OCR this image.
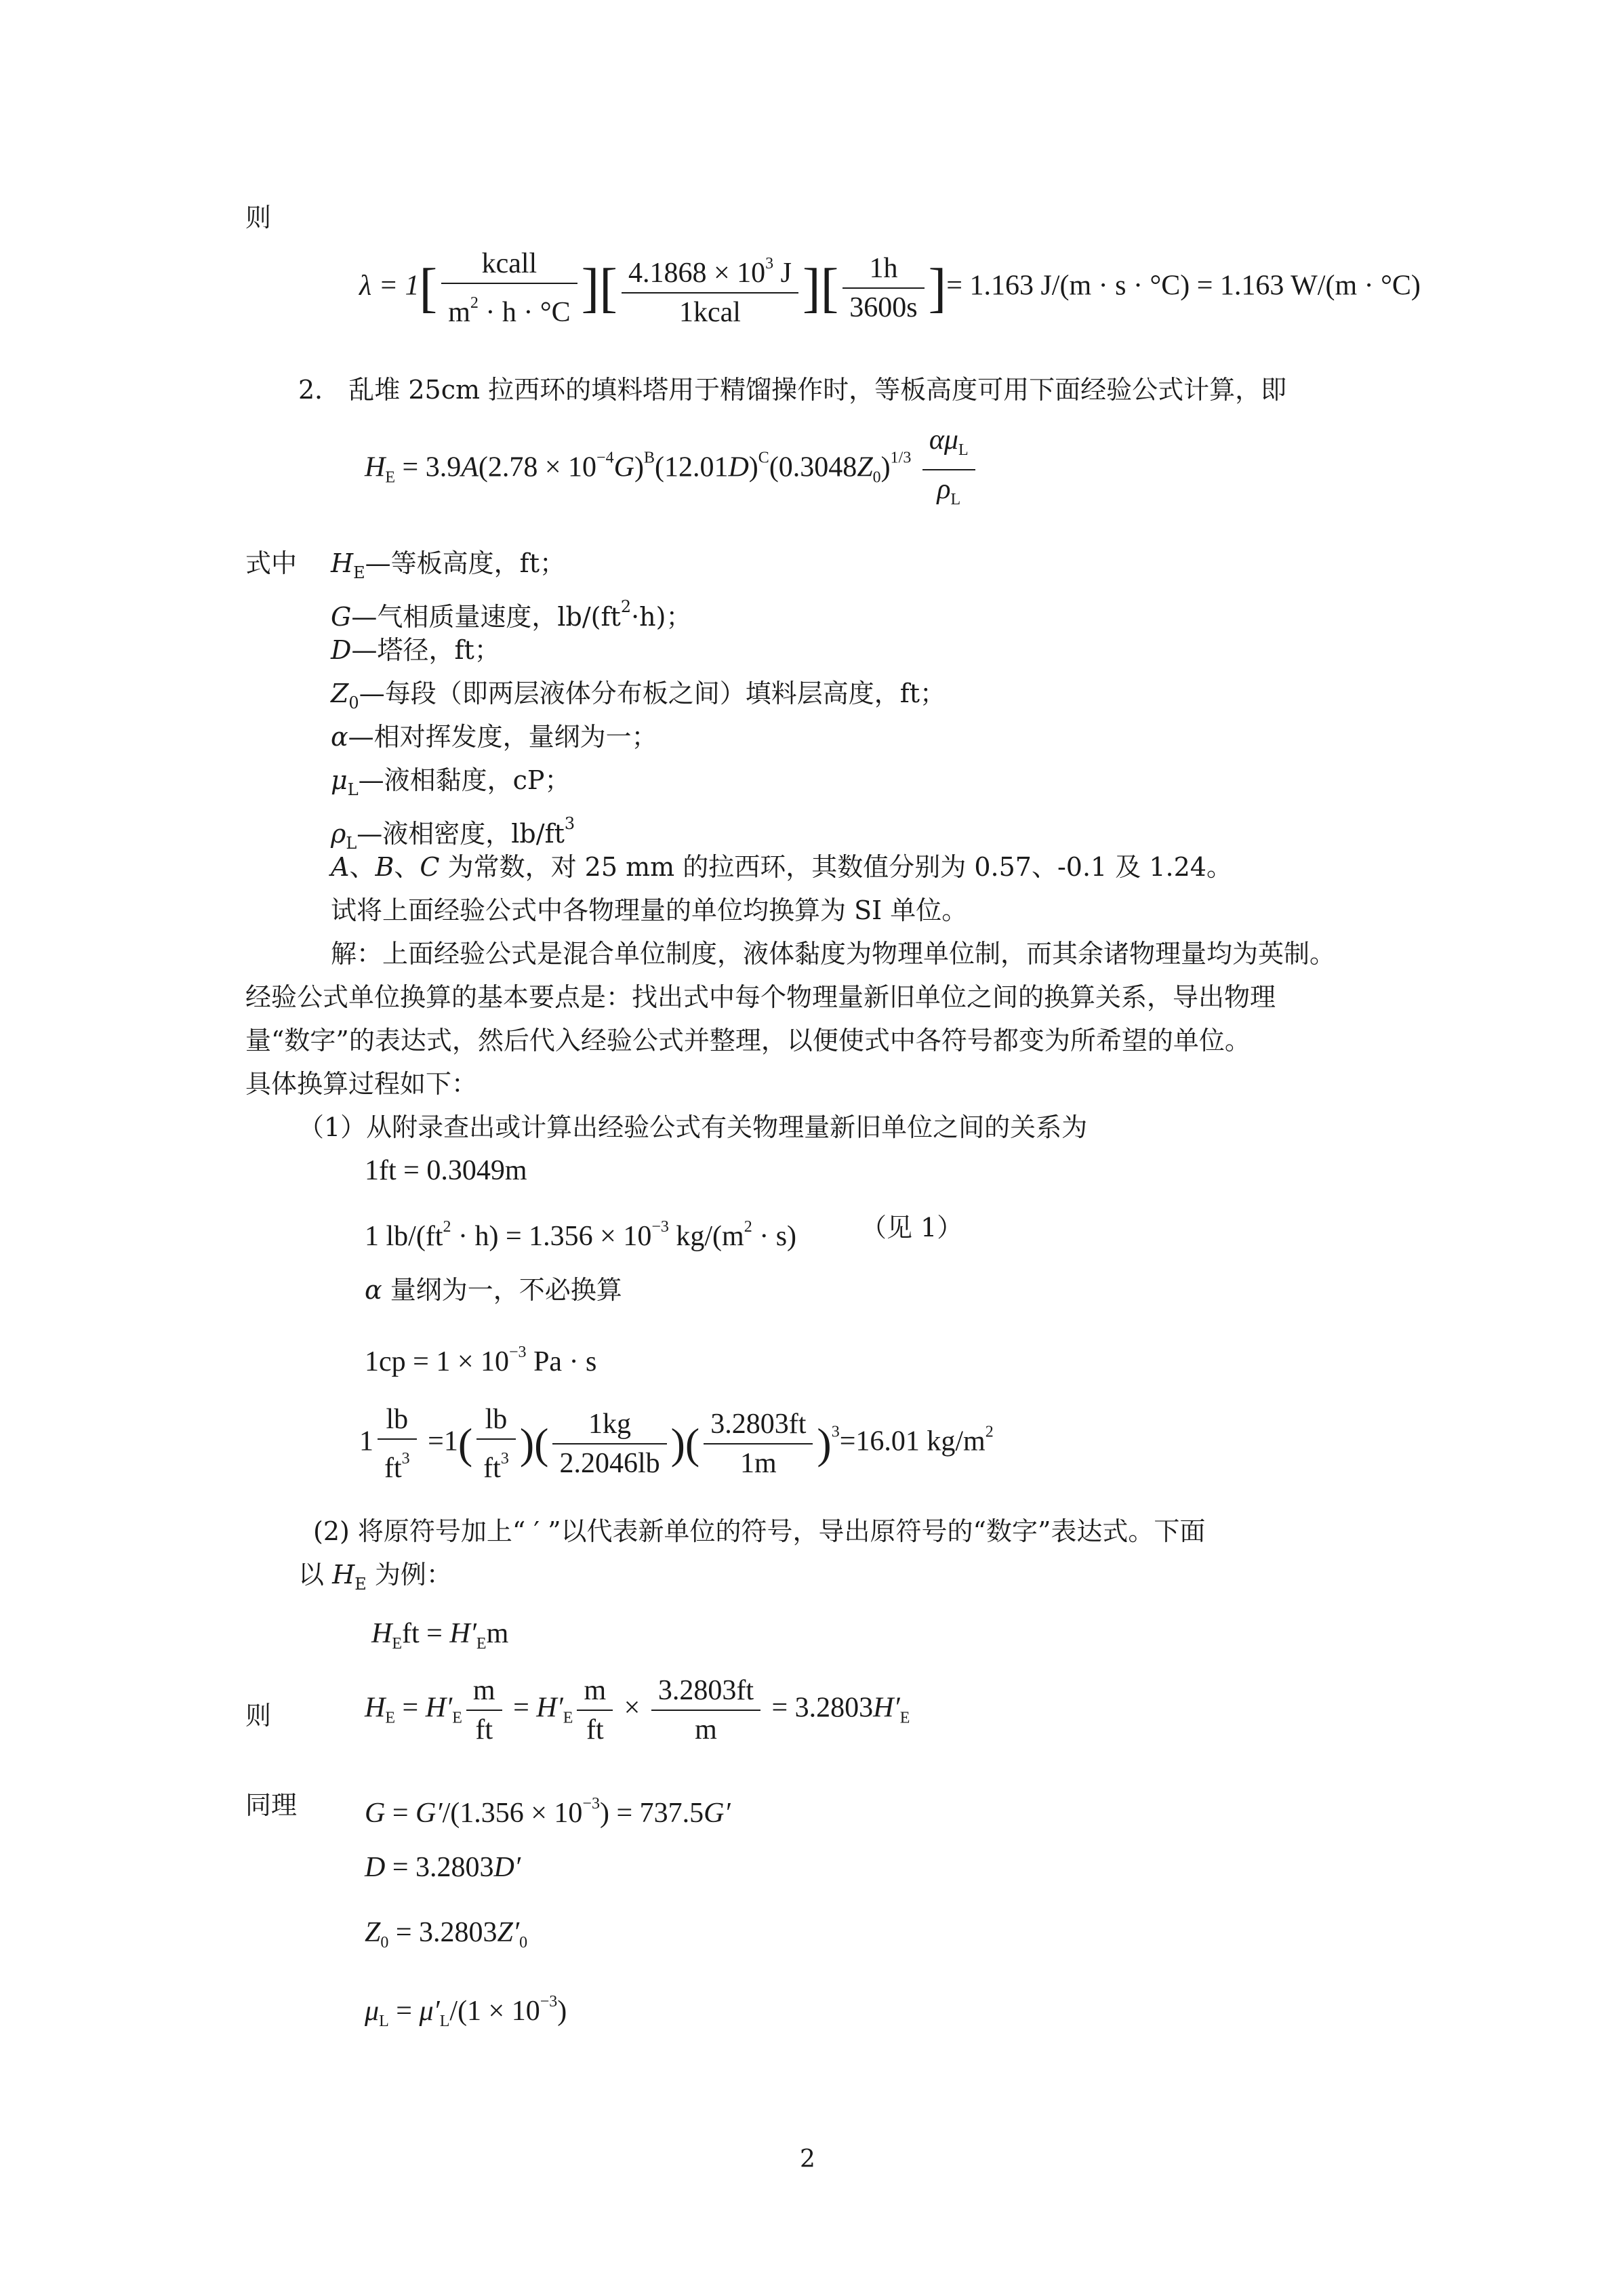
则
$\lambda = 1[ \frac{\text{kcall}}{m^2 \cdot h \cdot ^\circ C}$ ][ $\frac{4.1868 \times 10^3 J}{\text{1kcal}}$ ][ $\frac{1h}{3600s}$ ]= 1.163 J/(m · s · °C) = 1.163 W/(m · °C)
2． 乱堆 25cm 拉西环的填料塔用于精馏操作时，等板高度可用下面经验公式计算，即
$H_E = 3.9A(2.78 \times 10^{-4}G)^B(12.01D)^C(0.3048Z_0)^{1/3} \frac{\alpha\mu_L}{\rho_L}$
式中 $H_E—$等板高度，ft；
G—气相质量速度，$lb/(ft^2\cdot h)$；
D—塔径，ft；
$Z_0—$每段（即两层液体分布板之间）填料层高度，ft；
α—相对挥发度，量纲为一；
$\mu_L—$液相黏度，cP；
$\rho_L—$液相密度，$lb/ft^3$
A、B、C 为常数，对 25 mm 的拉西环，其数值分别为 0.57、-0.1 及 1.24。
试将上面经验公式中各物理量的单位均换算为 SI 单位。
解：上面经验公式是混合单位制度，液体黏度为物理单位制，而其余诸物理量均为英制。
经验公式单位换算的基本要点是：找出式中每个物理量新旧单位之间的换算关系，导出物理
量“数字”的表达式，然后代入经验公式并整理，以便使式中各符号都变为所希望的单位。
具体换算过程如下：
（1）从附录查出或计算出经验公式有关物理量新旧单位之间的关系为
1ft = 0.3049m
1 $lb/(ft^2 \cdot h) = 1.356 \times 10^{-3}$ $kg/(m^2 \cdot s)$ （见 1）
α 量纲为一，不必换算
$1cp = 1 \times 10^{-3}$ Pa · s
$1 \frac{lb}{ft^3} =1( \frac{lb}{ft^3}$ )( $\frac{1kg}{2.2046lb}$ )( $\frac{3.2803ft}{1m} )^3=16.01$ $kg/m^2$
(2) 将原符号加上“ ′ ”以代表新单位的符号，导出原符号的“数字”表达式。下面
以 $H_E$ 为例：
$H_Eft = H'_Em$
则	$H_E = H'_E \frac{m}{ft} = H'_E \frac{m}{ft} \times \frac{3.2803ft}{m} = 3.2803H'_E$
同理 $G = G'/(1.356 \times 10^{-3}) = 737.5G'$
D = 3.2803D′
$Z_0 = 3.2803Z'_0$
$\mu_L = \mu'_L/(1 \times 10^{-3})$
2
